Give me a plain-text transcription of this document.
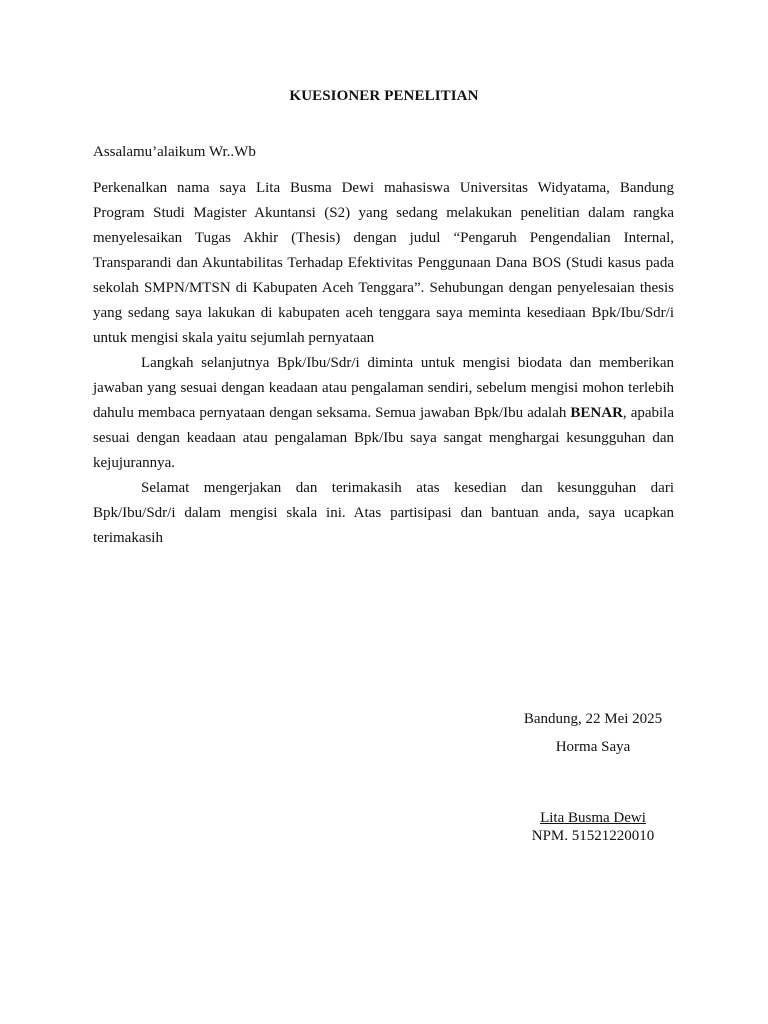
KUESIONER PENELITIAN
Assalamu’alaikum Wr..Wb

Perkenalkan nama saya Lita Busma Dewi mahasiswa Universitas Widyatama, Bandung Program Studi Magister Akuntansi (S2) yang sedang melakukan penelitian dalam rangka menyelesaikan Tugas Akhir (Thesis) dengan judul “Pengaruh Pengendalian Internal, Transparandi dan Akuntabilitas Terhadap Efektivitas Penggunaan Dana BOS (Studi kasus pada sekolah SMPN/MTSN di Kabupaten Aceh Tenggara”. Sehubungan dengan penyelesaian thesis yang sedang saya lakukan di kabupaten aceh tenggara saya meminta kesediaan Bpk/Ibu/Sdr/i untuk mengisi skala yaitu sejumlah pernyataan

Langkah selanjutnya Bpk/Ibu/Sdr/i diminta untuk mengisi biodata dan memberikan jawaban yang sesuai dengan keadaan atau pengalaman sendiri, sebelum mengisi mohon terlebih dahulu membaca pernyataan dengan seksama. Semua jawaban Bpk/Ibu adalah BENAR, apabila sesuai dengan keadaan atau pengalaman Bpk/Ibu saya sangat menghargai kesungguhan dan kejujurannya.

Selamat mengerjakan dan terimakasih atas kesedian dan kesungguhan dari Bpk/Ibu/Sdr/i dalam mengisi skala ini. Atas partisipasi dan bantuan anda, saya ucapkan terimakasih

Bandung, 22 Mei 2025

Horma Saya

Lita Busma Dewi

NPM. 51521220010
